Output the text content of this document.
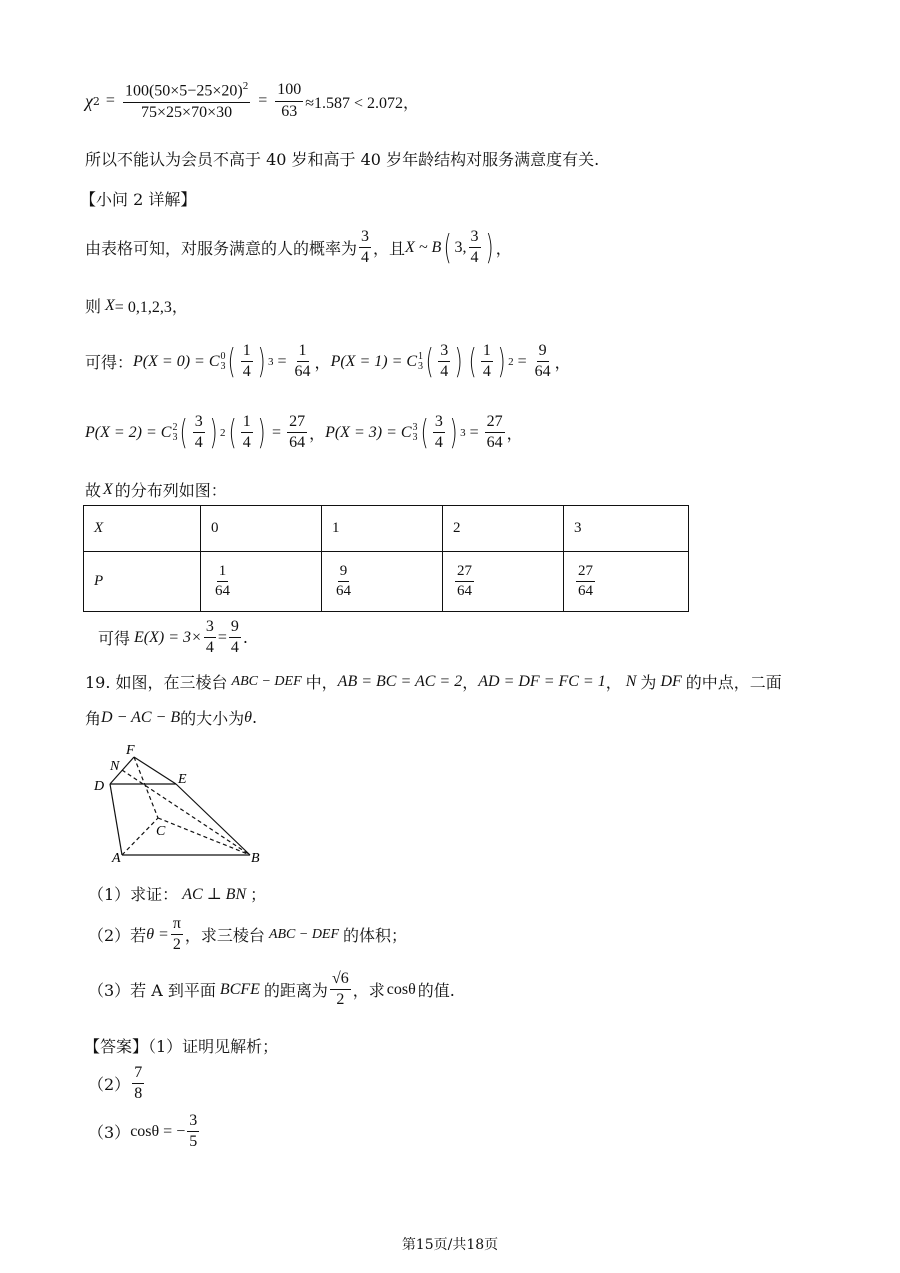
χ $2 = \frac{100(50\times 5-25\times 20)^2}{75\times 25\times 70\times 30} = \frac{100}{63} \approx 1.587 < 2.072$，
所以不能认为会员不高于 40 岁和高于 40 岁年龄结构对服务满意度有关.
【小问 2 详解】
由表格可知，对服务满意的人的概率为 $\frac{3}{4}$ ，且 X ~ B ( 3, $\frac{3}{4}$ ) ，
则 X = 0,1,2,3，
可得： P(X = 0) = C 0
3 ( $\frac{1}{4}$ ) $3 = \frac{1}{64}$ ， P(X = 1) = C 1
3 ( $\frac{3}{4}$ ) ( $\frac{1}{4}$ ) $2 = \frac{9}{64}$ ，
P(X = 2) = C 2
3 ( $\frac{3}{4}$ ) 2 ( $\frac{1}{4}$ ) = $\frac{27}{64}$ ， P(X = 3) = C 3
3 ( $\frac{3}{4}$ ) $3 = \frac{27}{64}$ ，
故 X 的分布列如图：
X	0	1	2	3
P	$\frac{1}{64}$	$\frac{9}{64}$	$\frac{27}{64}$	$\frac{27}{64}$
可得 $E(X) = 3\times \frac{3}{4} = \frac{9}{4}$ .
19. 如图，在三棱台 ABC − DEF 中， AB = BC = AC = 2 ， AD = DF = FC = 1 ， N 为 DF 的中点，二面
角 D − AC − B 的大小为 θ .
F
N
D	E
C
A	B
（1）求证： AC ⊥ BN ；
（2）若 $\theta = \frac{\pi}{2}$ ，求三棱台 ABC − DEF 的体积；
（3）若 A 到平面 BCFE 的距离为 $\frac{√6}{2}$ ，求 cosθ 的值.
【答案】（1）证明见解析；
$(2) \frac{7}{8}$
（3） cosθ = − $\frac{3}{5}$
第15页/共18页
